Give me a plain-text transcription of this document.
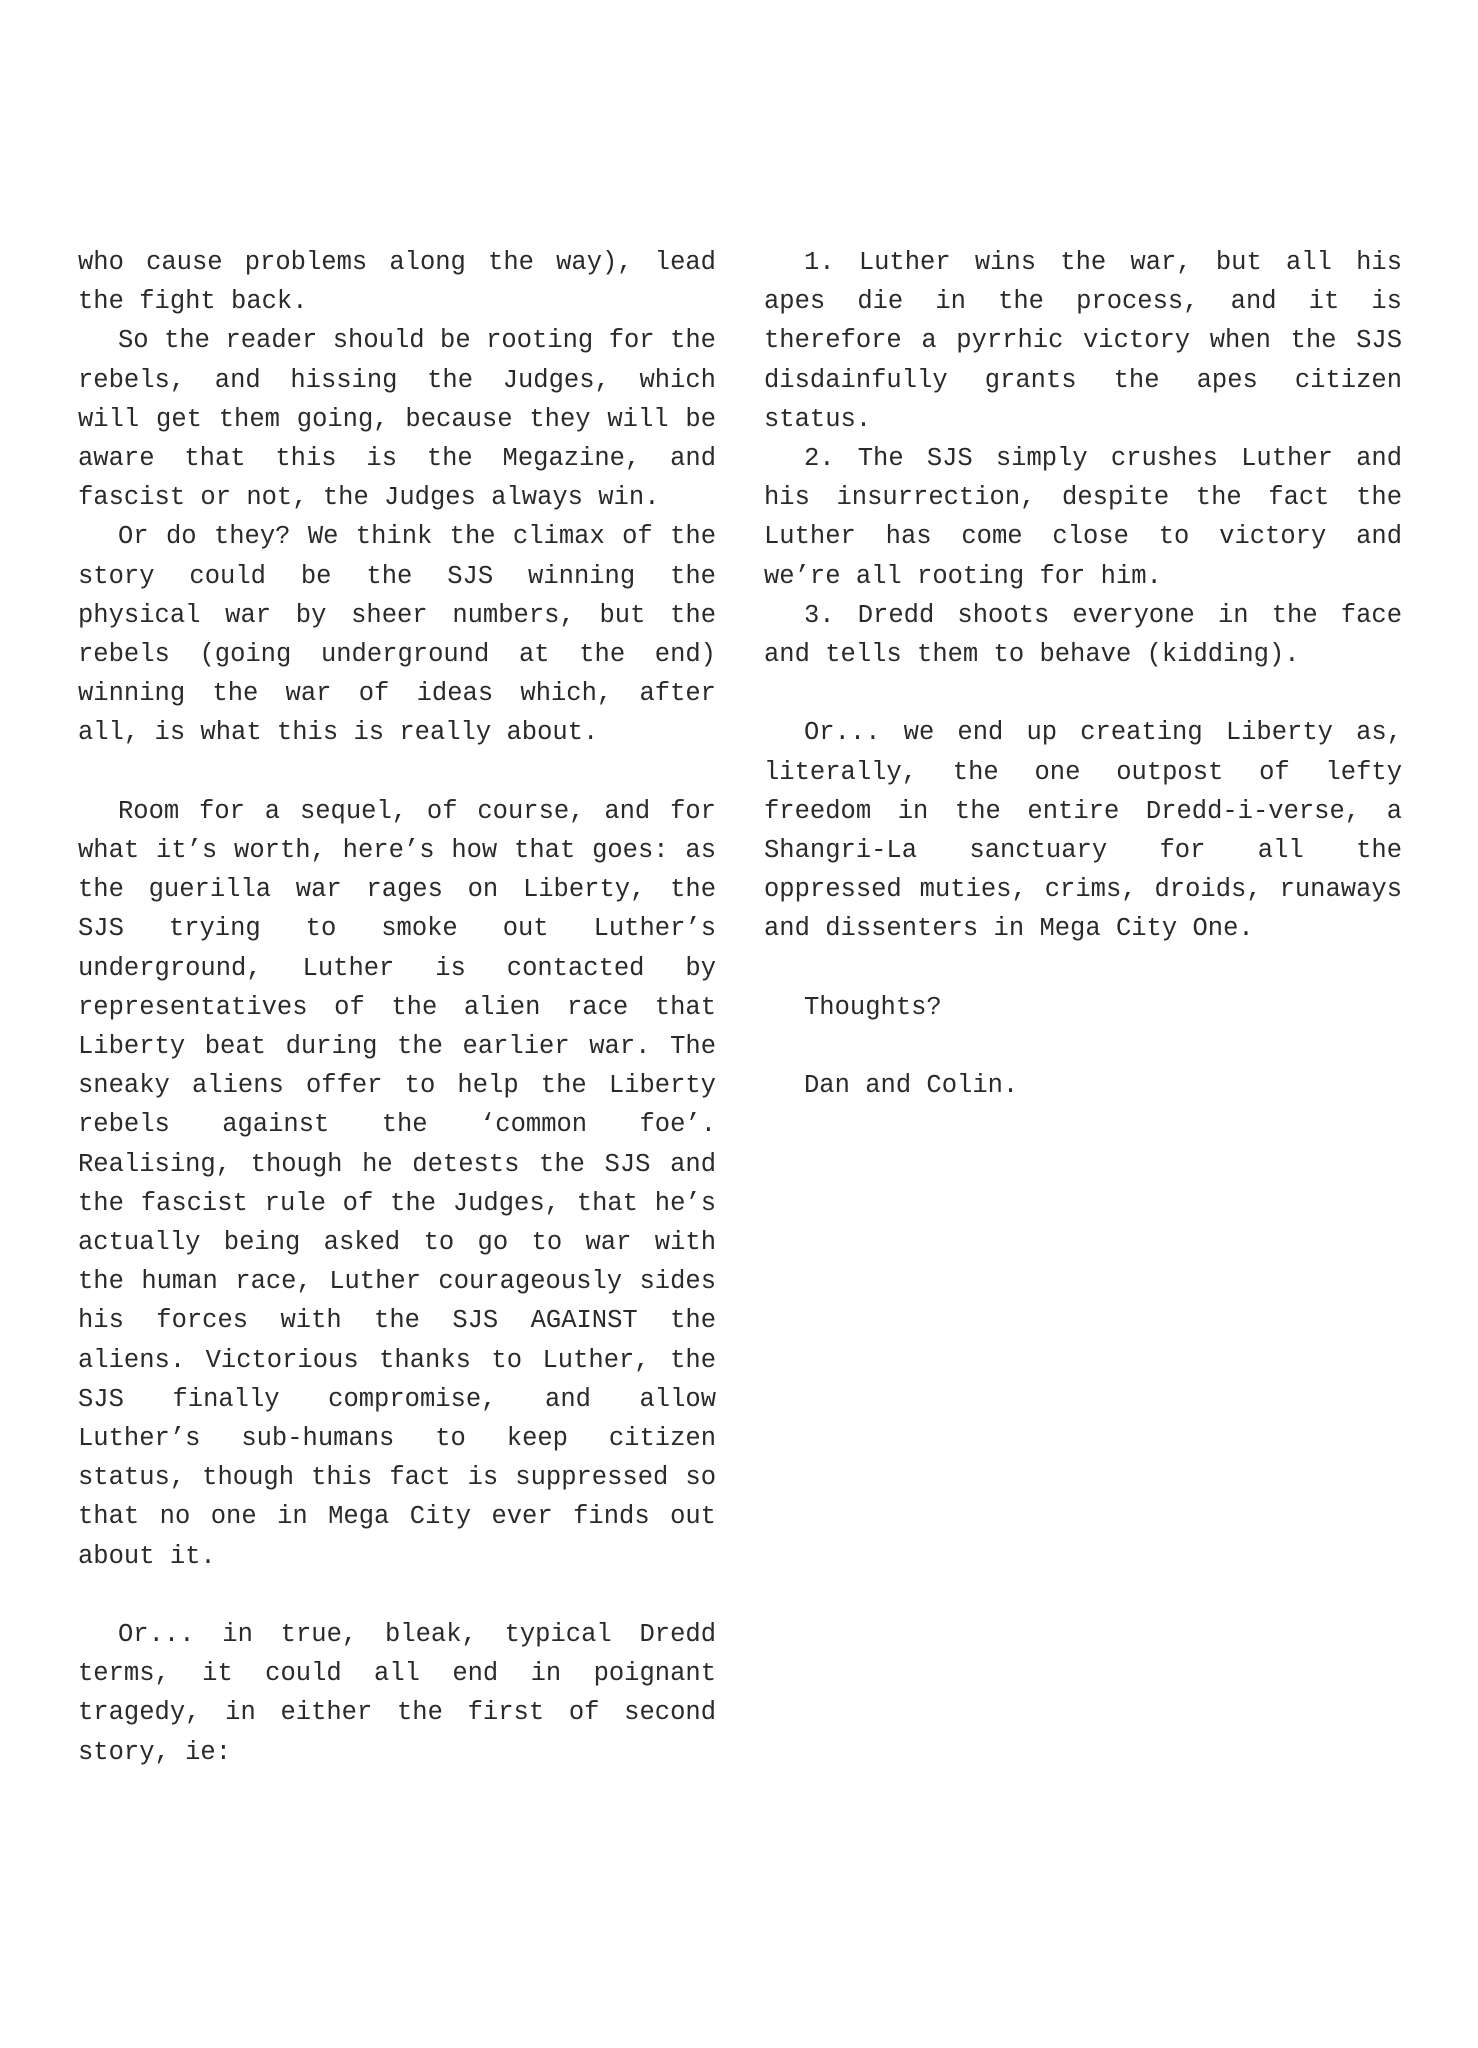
who cause problems along the way), lead the fight back.

So the reader should be rooting for the rebels, and hissing the Judges, which will get them going, because they will be aware that this is the Megazine, and fascist or not, the Judges always win.

Or do they? We think the climax of the story could be the SJS winning the physical war by sheer numbers, but the rebels (going underground at the end) winning the war of ideas which, after all, is what this is really about.

Room for a sequel, of course, and for what it’s worth, here’s how that goes: as the guerilla war rages on Liberty, the SJS trying to smoke out Luther’s underground, Luther is contacted by representatives of the alien race that Liberty beat during the earlier war. The sneaky aliens offer to help the Liberty rebels against the ‘common foe’. Realising, though he detests the SJS and the fascist rule of the Judges, that he’s actually being asked to go to war with the human race, Luther courageously sides his forces with the SJS AGAINST the aliens. Victorious thanks to Luther, the SJS finally compromise, and allow Luther’s sub-humans to keep citizen status, though this fact is suppressed so that no one in Mega City ever finds out about it.

Or... in true, bleak, typical Dredd terms, it could all end in poignant tragedy, in either the first of second story, ie:

1. Luther wins the war, but all his apes die in the process, and it is therefore a pyrrhic victory when the SJS disdainfully grants the apes citizen status.

2. The SJS simply crushes Luther and his insurrection, despite the fact the Luther has come close to victory and we’re all rooting for him.

3. Dredd shoots everyone in the face and tells them to behave (kidding).

Or... we end up creating Liberty as, literally, the one outpost of lefty freedom in the entire Dredd-i-verse, a Shangri-La sanctuary for all the oppressed muties, crims, droids, runaways and dissenters in Mega City One.

Thoughts?

Dan and Colin.
